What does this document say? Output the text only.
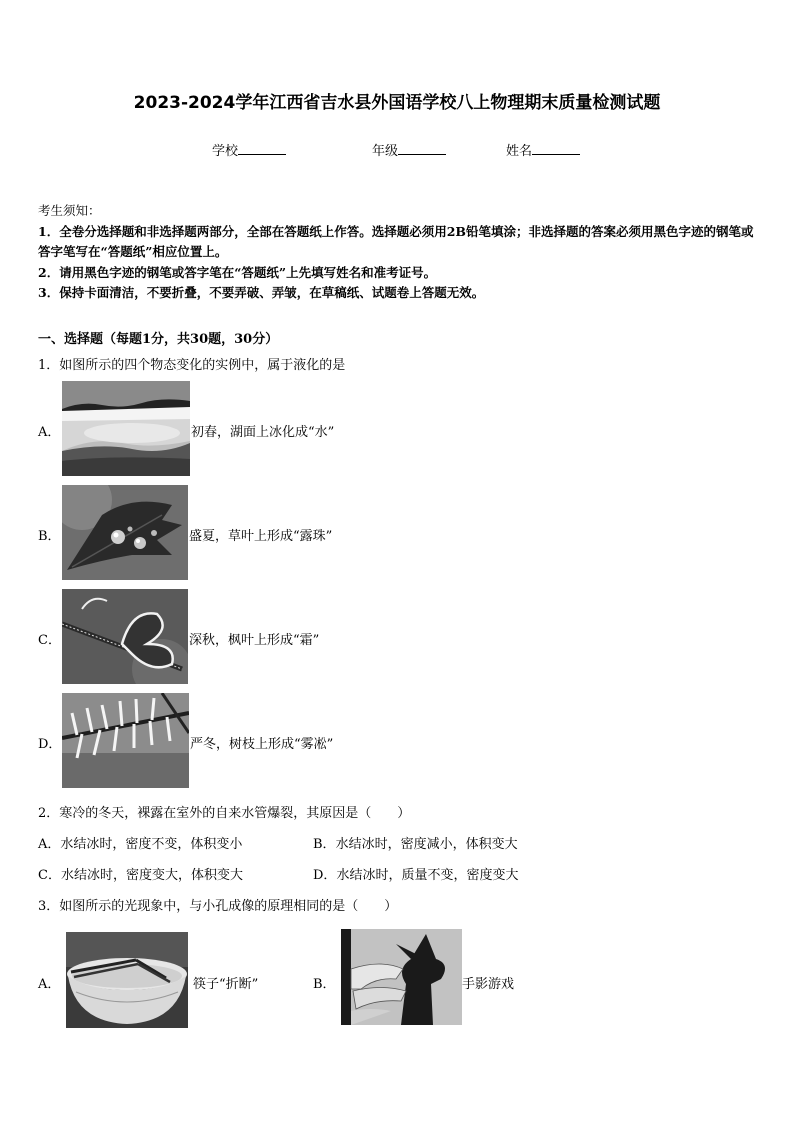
2023-2024学年江西省吉水县外国语学校八上物理期末质量检测试题
学校	年级	姓名
考生须知：
1．全卷分选择题和非选择题两部分，全部在答题纸上作答。选择题必须用2B铅笔填涂；非选择题的答案必须用黑色字迹的钢笔或答字笔写在“答题纸”相应位置上。
2．请用黑色字迹的钢笔或答字笔在“答题纸”上先填写姓名和准考证号。
3．保持卡面清洁，不要折叠，不要弄破、弄皱，在草稿纸、试题卷上答题无效。
一、选择题（每题1分，共30题，30分）
1．如图所示的四个物态变化的实例中，属于液化的是
A．	初春，湖面上冰化成“水”
B．	盛夏，草叶上形成“露珠”
C．	深秋，枫叶上形成“霜”
D．	严冬，树枝上形成“雾凇”
2．寒冷的冬天，裸露在室外的自来水管爆裂，其原因是（　　）
A．水结冰时，密度不变，体积变小	B．水结冰时，密度减小，体积变大
C．水结冰时，密度变大，体积变大	D．水结冰时，质量不变，密度变大
3．如图所示的光现象中，与小孔成像的原理相同的是（　　）
A．	筷子“折断”	B．	手影游戏
